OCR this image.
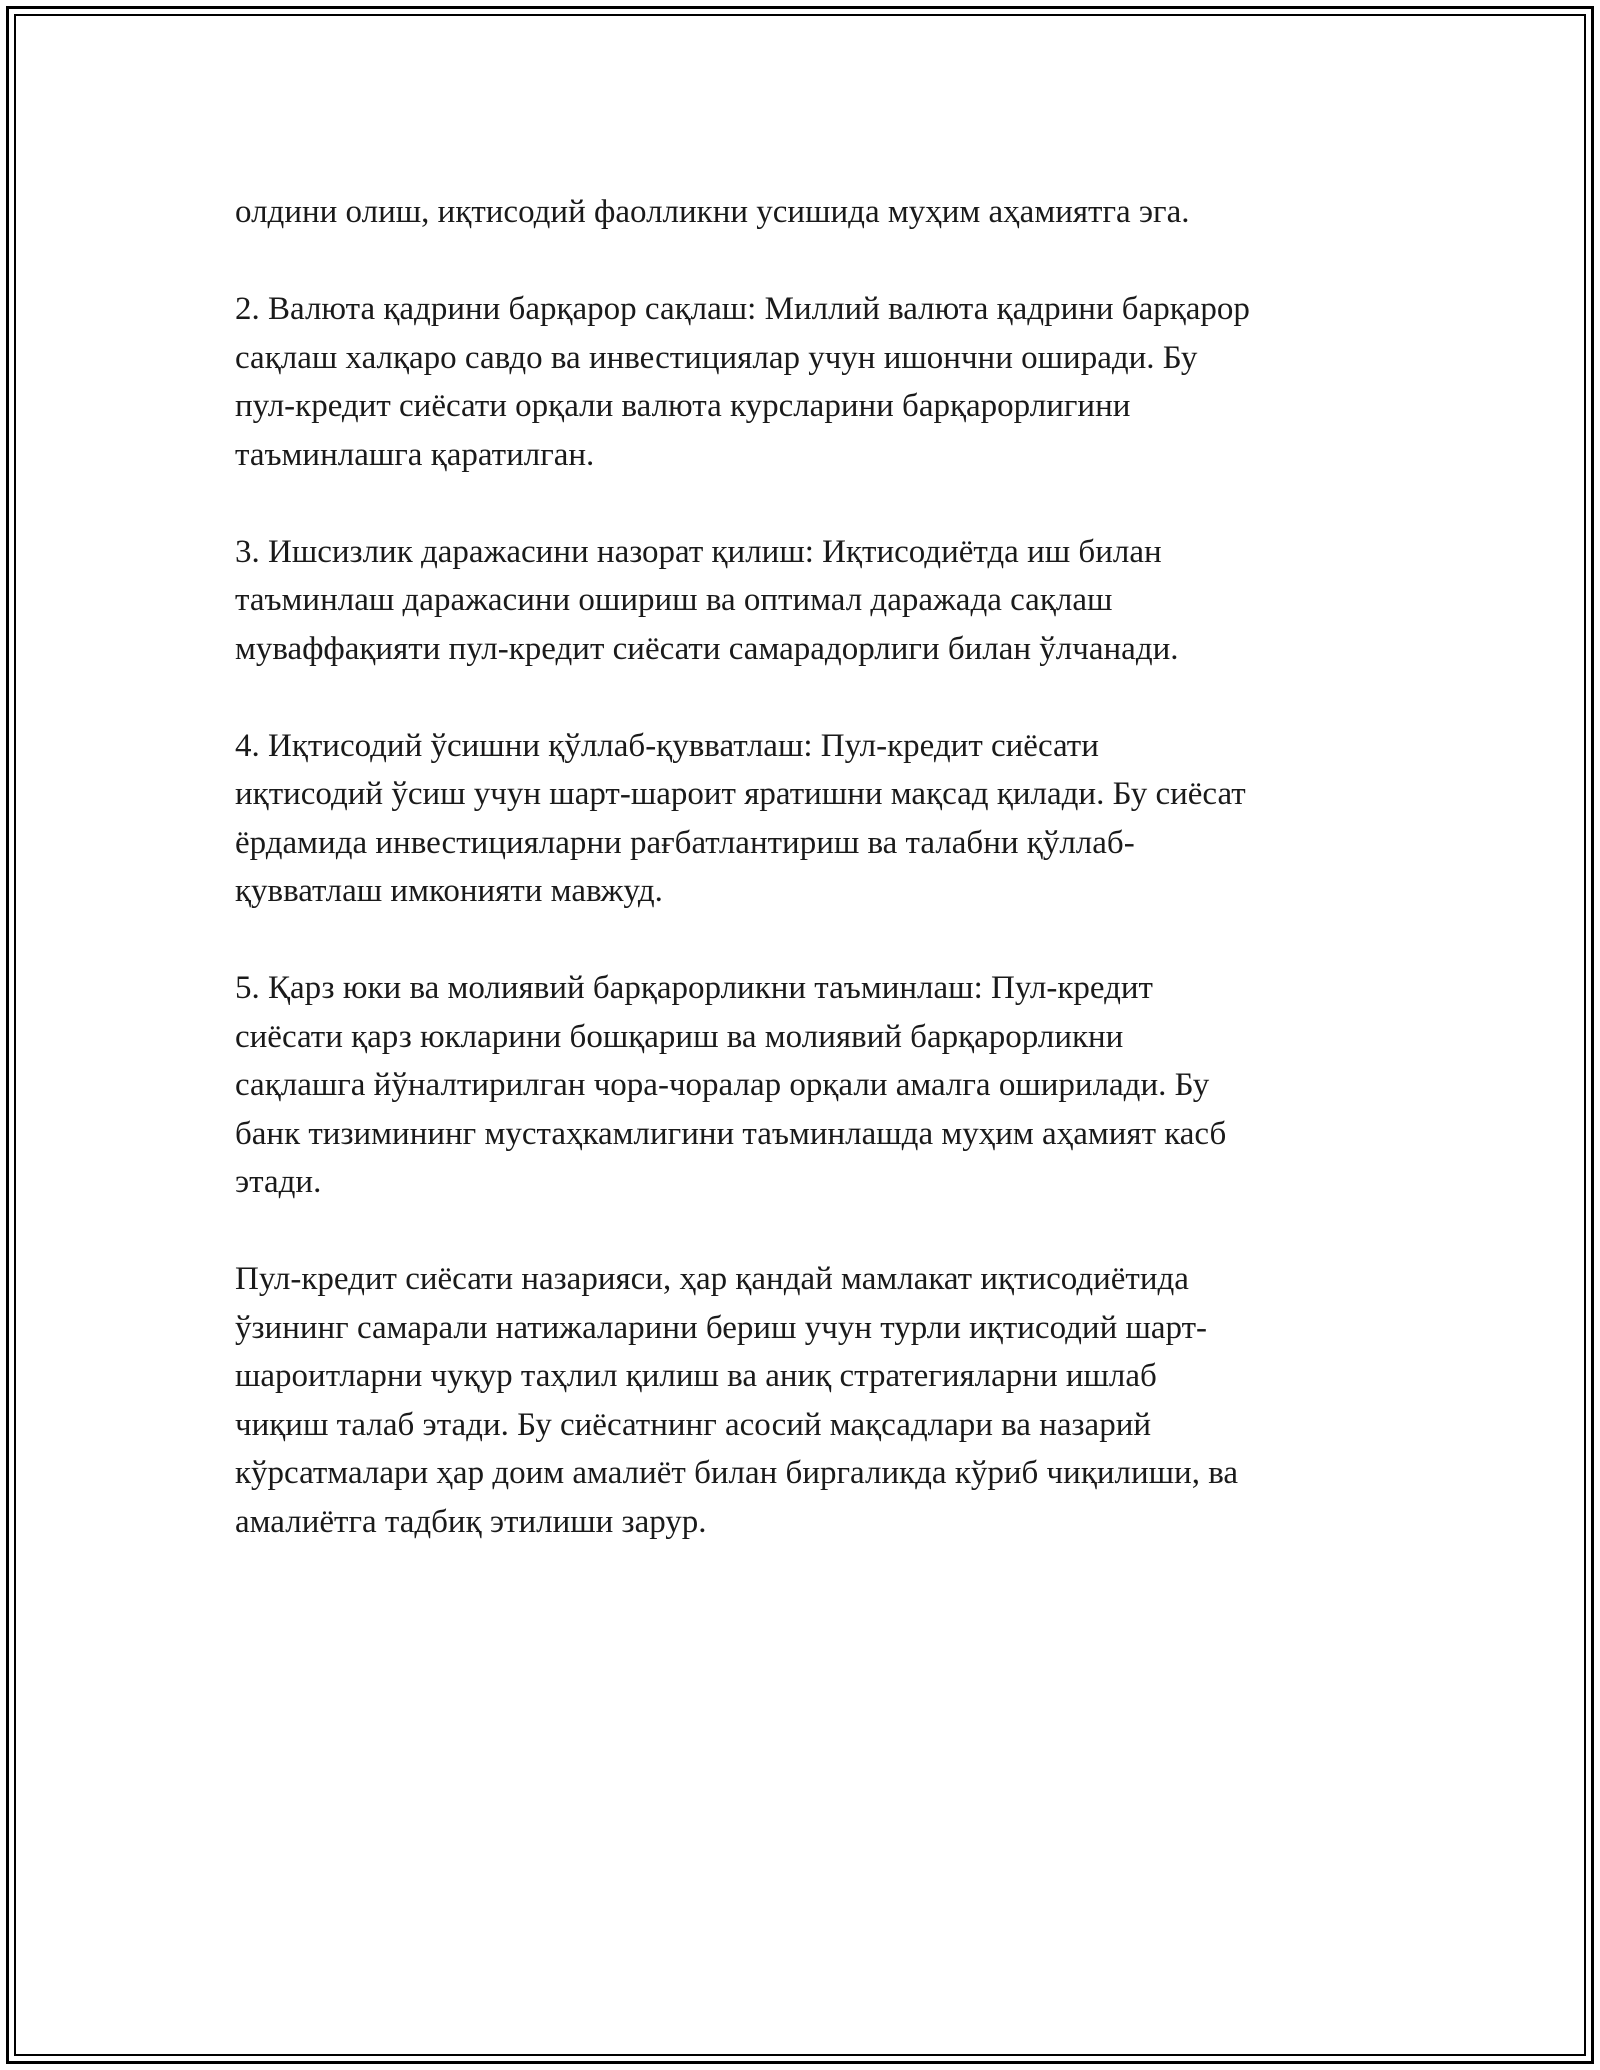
олдини олиш, иқтисодий фаолликни усишида муҳим аҳамиятга эга.

2. Валюта қадрини барқарор сақлаш: Миллий валюта қадрини барқарор
сақлаш халқаро савдо ва инвестициялар учун ишончни оширади. Бу
пул-кредит сиёсати орқали валюта курсларини барқарорлигини
таъминлашга қаратилган.

3. Ишсизлик даражасини назорат қилиш: Иқтисодиётда иш билан
таъминлаш даражасини ошириш ва оптимал даражада сақлаш
муваффақияти пул-кредит сиёсати самарадорлиги билан ўлчанади.

4. Иқтисодий ўсишни қўллаб-қувватлаш: Пул-кредит сиёсати
иқтисодий ўсиш учун шарт-шароит яратишни мақсад қилади. Бу сиёсат
ёрдамида инвестицияларни рағбатлантириш ва талабни қўллаб-
қувватлаш имконияти мавжуд.

5. Қарз юки ва молиявий барқарорликни таъминлаш: Пул-кредит
сиёсати қарз юкларини бошқариш ва молиявий барқарорликни
сақлашга йўналтирилган чора-чоралар орқали амалга оширилади. Бу
банк тизимининг мустаҳкамлигини таъминлашда муҳим аҳамият касб
этади.

Пул-кредит сиёсати назарияси, ҳар қандай мамлакат иқтисодиётида
ўзининг самарали натижаларини бериш учун турли иқтисодий шарт-
шароитларни чуқур таҳлил қилиш ва аниқ стратегияларни ишлаб
чиқиш талаб этади. Бу сиёсатнинг асосий мақсадлари ва назарий
кўрсатмалари ҳар доим амалиёт билан биргаликда кўриб чиқилиши, ва
амалиётга тадбиқ этилиши зарур.
